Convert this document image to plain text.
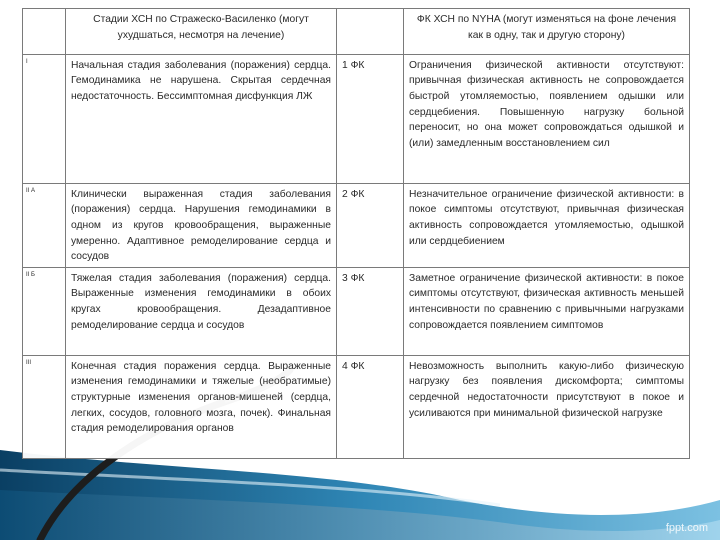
	Стадии ХСН по Стражеско-Василенко (могут ухудшаться, несмотря на лечение)		ФК ХСН по NYHA (могут изменяться на фоне лечения как в одну, так и другую сторону)
I	Начальная стадия заболевания (поражения) сердца. Гемодинамика не нарушена. Скрытая сердечная недостаточность. Бессимптомная дисфункция ЛЖ	1 ФК	Ограничения физической активности отсутствуют: привычная физическая активность не сопровождается быстрой утомляемостью, появлением одышки или сердцебиения. Повышенную нагрузку больной переносит, но она может сопровождаться одышкой и (или) замедленным восстановлением сил
II А	Клинически выраженная стадия заболевания (поражения) сердца. Нарушения гемодинамики в одном из кругов кровообращения, выраженные умеренно. Адаптивное ремоделирование сердца и сосудов	2 ФК	Незначительное ограничение физической активности: в покое симптомы отсутствуют, привычная физическая активность сопровождается утомляемостью, одышкой или сердцебиением
II Б	Тяжелая стадия заболевания (поражения) сердца. Выраженные изменения гемодинамики в обоих кругах кровообращения. Дезадаптивное ремоделирование сердца и сосудов	3 ФК	Заметное ограничение физической активности: в покое симптомы отсутствуют, физическая активность меньшей интенсивности по сравнению с привычными нагрузками сопровождается появлением симптомов
III	Конечная стадия поражения сердца. Выраженные изменения гемодинамики и тяжелые (необратимые) структурные изменения органов-мишеней (сердца, легких, сосудов, головного мозга, почек). Финальная стадия ремоделирования органов	4 ФК	Невозможность выполнить какую-либо физическую нагрузку без появления дискомфорта; симптомы сердечной недостаточности присутствуют в покое и усиливаются при минимальной физической нагрузке
fppt.com
